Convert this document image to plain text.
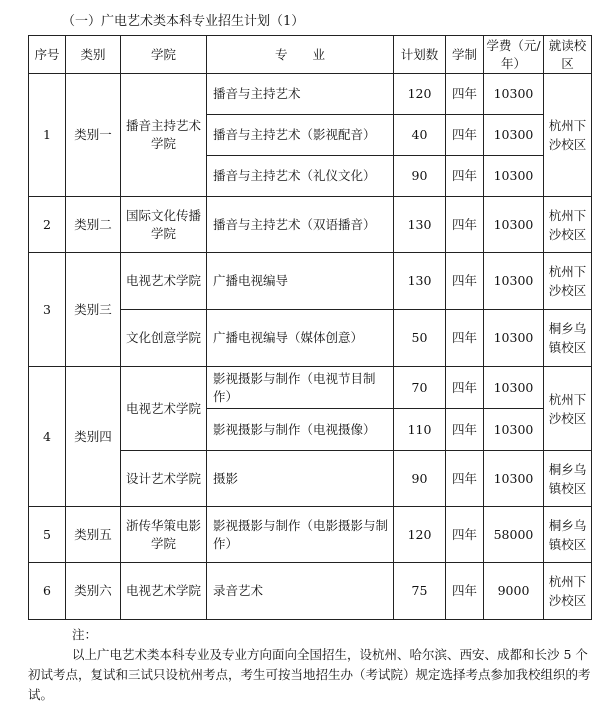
（一）广电艺术类本科专业招生计划（1）
序号	类别	学院	专　　业	计划数	学制	学费（元/年）	就读校区
1	类别一	播音主持艺术学院	播音与主持艺术	120	四年	10300	杭州下沙校区
			播音与主持艺术（影视配音）	40	四年	10300	
			播音与主持艺术（礼仪文化）	90	四年	10300	
2	类别二	国际文化传播学院	播音与主持艺术（双语播音）	130	四年	10300	杭州下沙校区
3	类别三	电视艺术学院	广播电视编导	130	四年	10300	杭州下沙校区
		文化创意学院	广播电视编导（媒体创意）	50	四年	10300	桐乡乌镇校区
4	类别四	电视艺术学院	影视摄影与制作（电视节目制作）	70	四年	10300	杭州下沙校区
			影视摄影与制作（电视摄像）	110	四年	10300	
		设计艺术学院	摄影	90	四年	10300	桐乡乌镇校区
5	类别五	浙传华策电影学院	影视摄影与制作（电影摄影与制作）	120	四年	58000	桐乡乌镇校区
6	类别六	电视艺术学院	录音艺术	75	四年	9000	杭州下沙校区
注：
以上广电艺术类本科专业及专业方向面向全国招生，设杭州、哈尔滨、西安、成都和长沙 5 个初试考点，复试和三试只设杭州考点，考生可按当地招生办（考试院）规定选择考点参加我校组织的考试。
